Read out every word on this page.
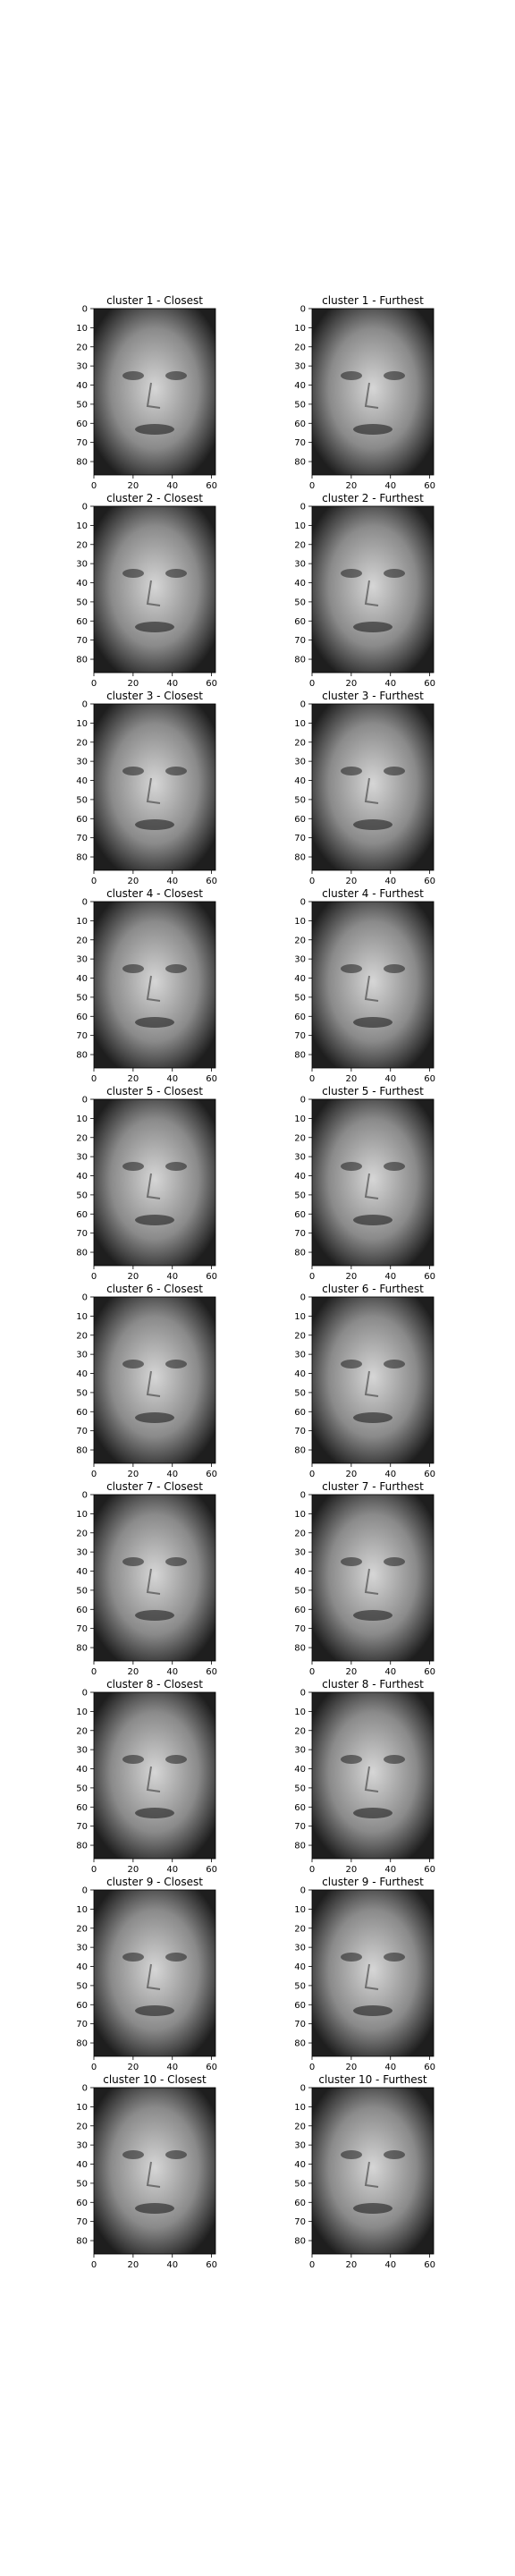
cluster 1 - Closest
0	20	40	60
0
10
20
30
40
50
60
70
80
cluster 1 - Furthest
0	20	40	60
0
10
20
30
40
50
60
70
80
cluster 2 - Closest
0	20	40	60
0
10
20
30
40
50
60
70
80
cluster 2 - Furthest
0	20	40	60
0
10
20
30
40
50
60
70
80
cluster 3 - Closest
0	20	40	60
0
10
20
30
40
50
60
70
80
cluster 3 - Furthest
0	20	40	60
0
10
20
30
40
50
60
70
80
cluster 4 - Closest
0	20	40	60
0
10
20
30
40
50
60
70
80
cluster 4 - Furthest
0	20	40	60
0
10
20
30
40
50
60
70
80
cluster 5 - Closest
0	20	40	60
0
10
20
30
40
50
60
70
80
cluster 5 - Furthest
0	20	40	60
0
10
20
30
40
50
60
70
80
cluster 6 - Closest
0	20	40	60
0
10
20
30
40
50
60
70
80
cluster 6 - Furthest
0	20	40	60
0
10
20
30
40
50
60
70
80
cluster 7 - Closest
0	20	40	60
0
10
20
30
40
50
60
70
80
cluster 7 - Furthest
0	20	40	60
0
10
20
30
40
50
60
70
80
cluster 8 - Closest
0	20	40	60
0
10
20
30
40
50
60
70
80
cluster 8 - Furthest
0	20	40	60
0
10
20
30
40
50
60
70
80
cluster 9 - Closest
0	20	40	60
0
10
20
30
40
50
60
70
80
cluster 9 - Furthest
0	20	40	60
0
10
20
30
40
50
60
70
80
cluster 10 - Closest
0	20	40	60
0
10
20
30
40
50
60
70
80
cluster 10 - Furthest
0	20	40	60
0
10
20
30
40
50
60
70
80
